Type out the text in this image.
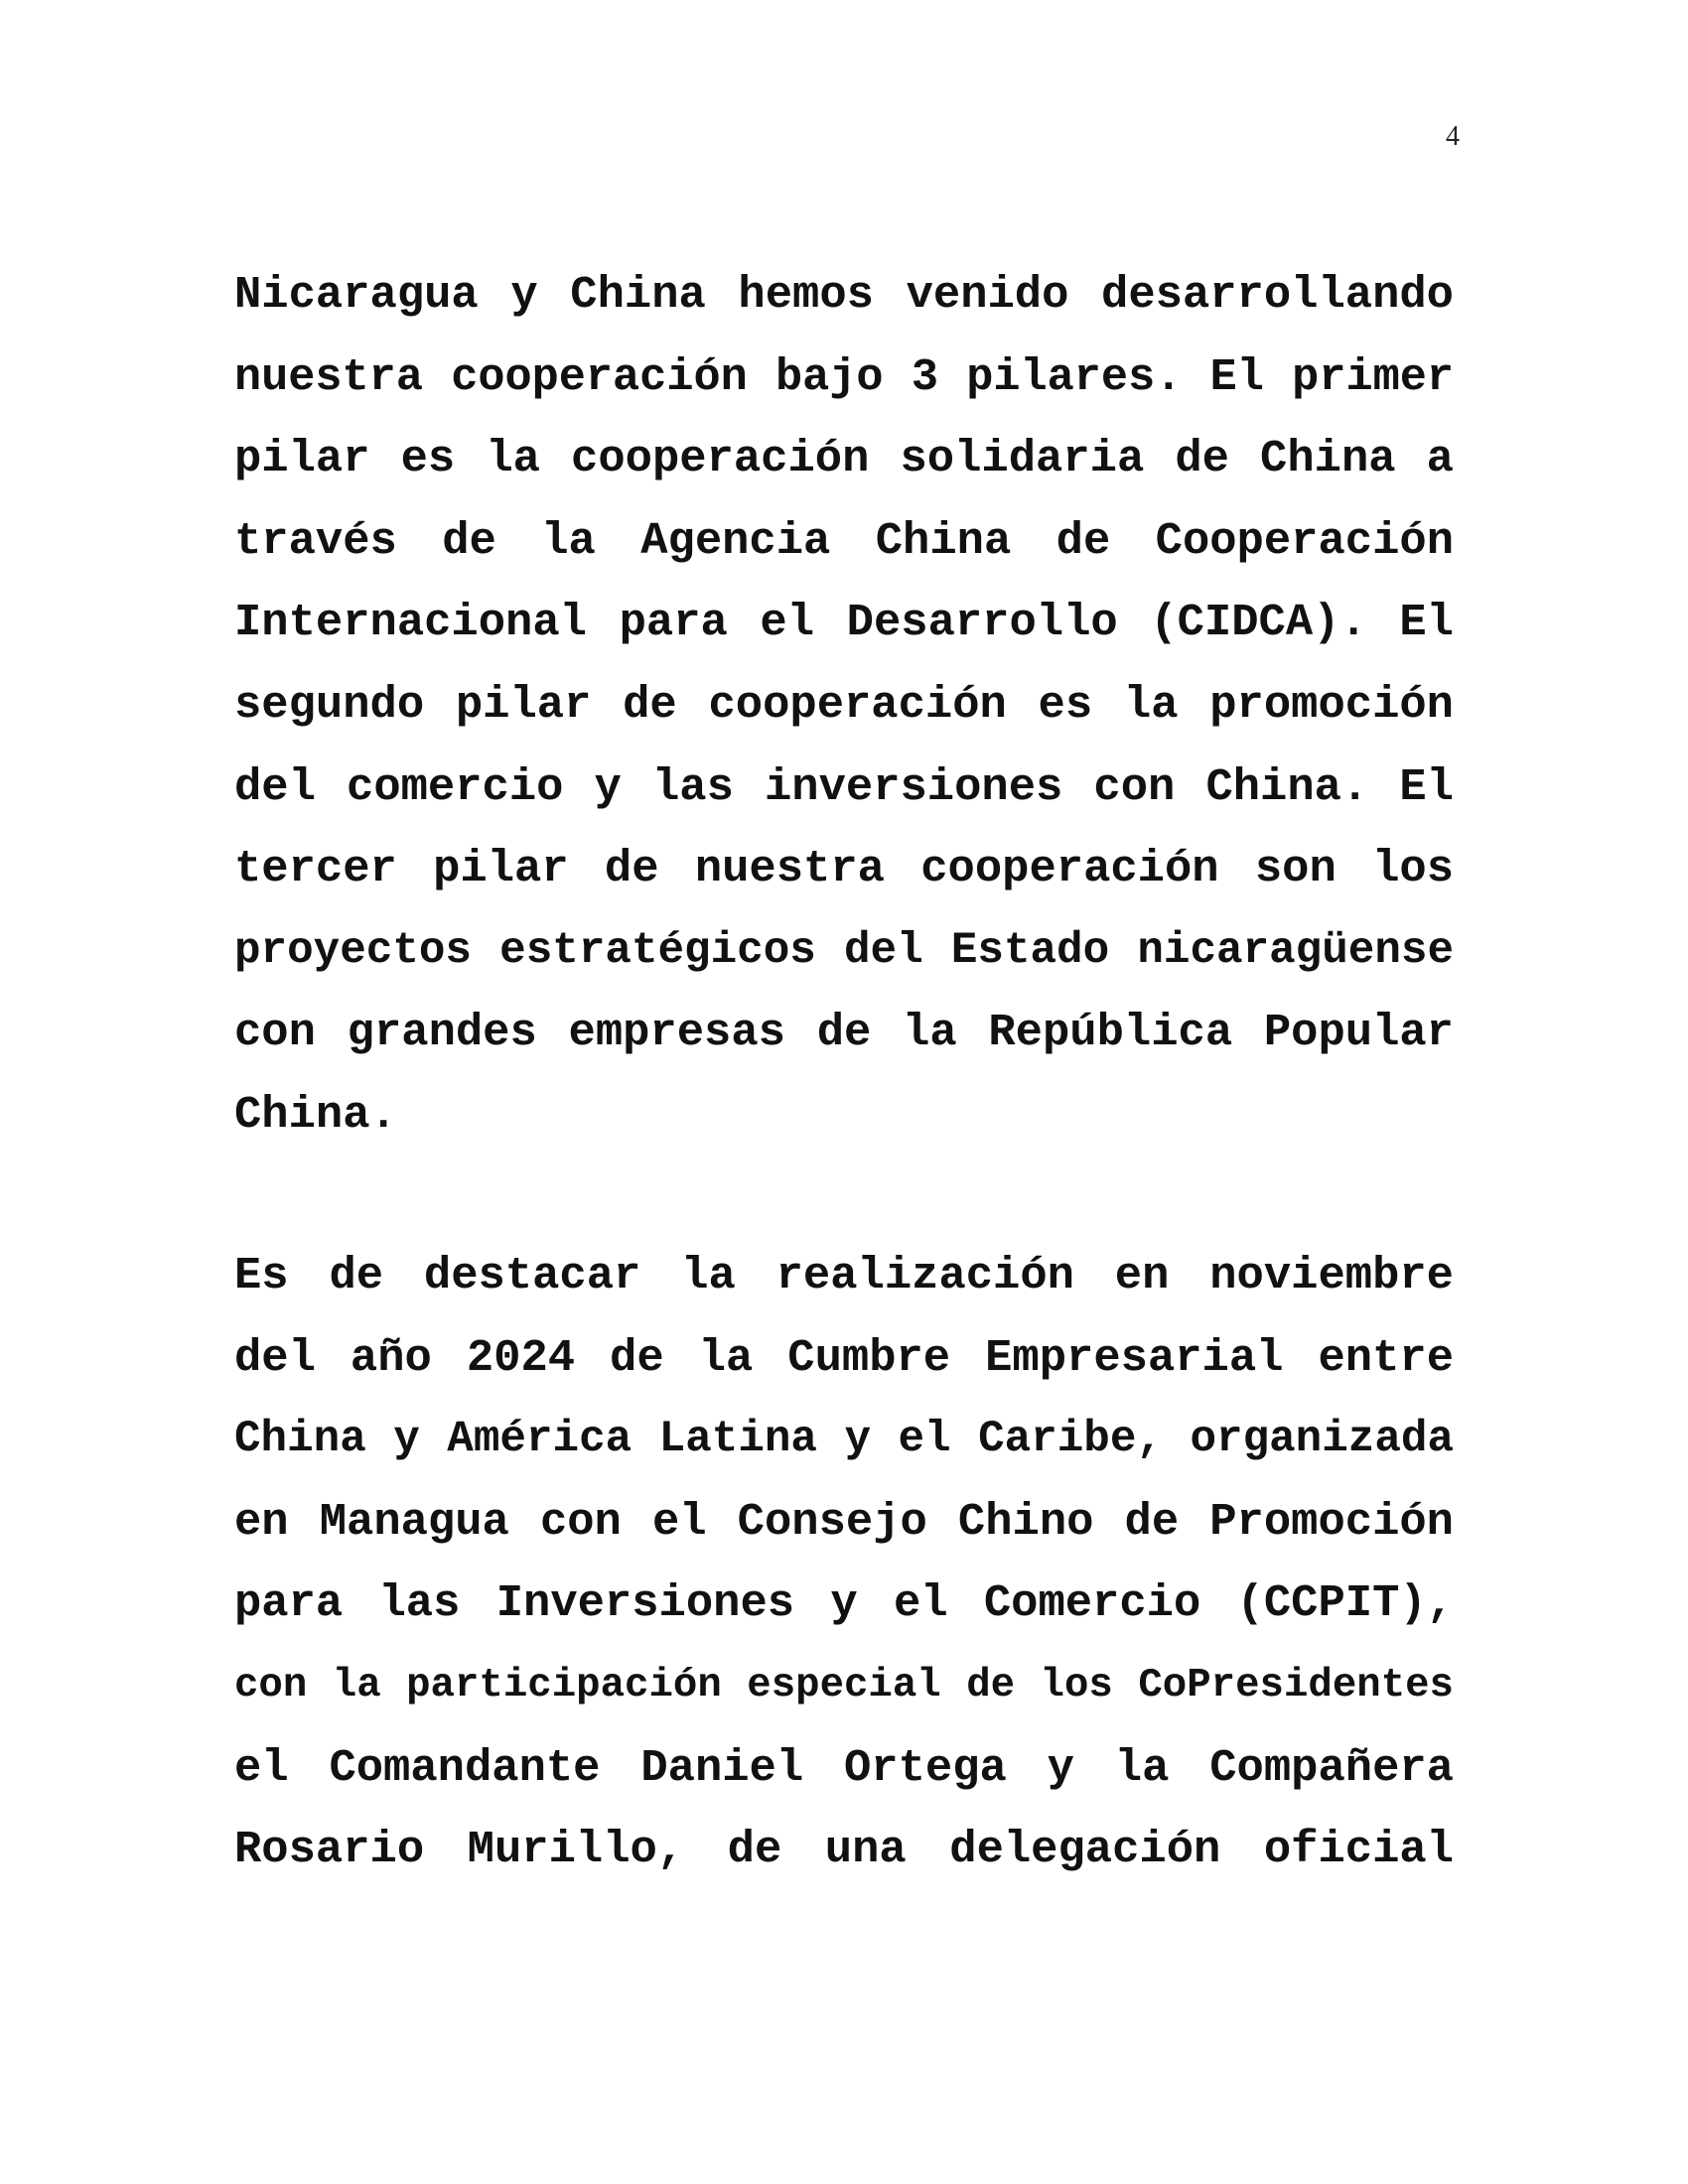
4
Nicaragua y China hemos venido desarrollando
nuestra cooperación bajo 3 pilares. El primer
pilar es la cooperación solidaria de China a
través de la Agencia China de Cooperación
Internacional para el Desarrollo (CIDCA). El
segundo pilar de cooperación es la promoción
del comercio y las inversiones con China. El
tercer pilar de nuestra cooperación son los
proyectos estratégicos del Estado nicaragüense
con grandes empresas de la República Popular
China.
Es de destacar la realización en noviembre
del año 2024 de la Cumbre Empresarial entre
China y América Latina y el Caribe, organizada
en Managua con el Consejo Chino de Promoción
para las Inversiones y el Comercio (CCPIT),
con la participación especial de los CoPresidentes
el Comandante Daniel Ortega y la Compañera
Rosario Murillo, de una delegación oficial
